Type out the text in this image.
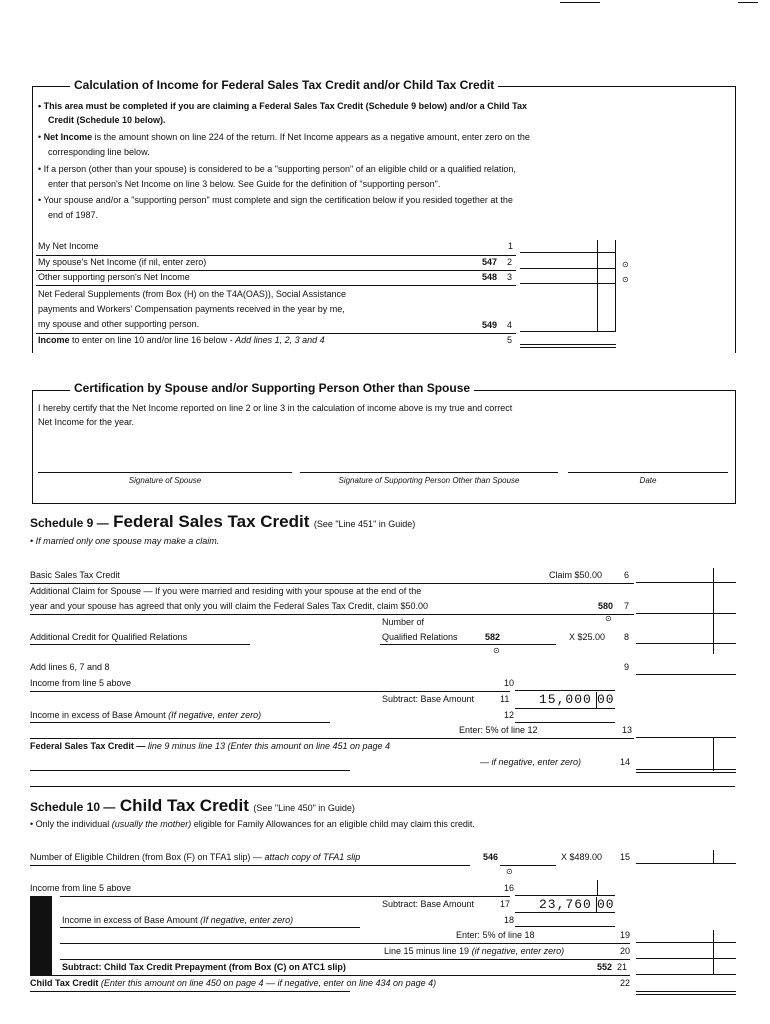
Calculation of Income for Federal Sales Tax Credit and/or Child Tax Credit
• This area must be completed if you are claiming a Federal Sales Tax Credit (Schedule 9 below) and/or a Child Tax
Credit (Schedule 10 below).
• Net Income is the amount shown on line 224 of the return. If Net Income appears as a negative amount, enter zero on the
corresponding line below.
• If a person (other than your spouse) is considered to be a "supporting person" of an eligible child or a qualified relation,
enter that person's Net Income on line 3 below. See Guide for the definition of "supporting person".
• Your spouse and/or a "supporting person" must complete and sign the certification below if you resided together at the
end of 1987.
My Net Income	1
My spouse's Net Income (if nil, enter zero)	547 2
Other supporting person's Net Income	548 3
Net Federal Supplements (from Box (H) on the T4A(OAS)), Social Assistance
payments and Workers' Compensation payments received in the year by me,
my spouse and other supporting person.	549 4
Income to enter on line 10 and/or line 16 below - Add lines 1, 2, 3 and 4	5
⊙
⊙
Certification by Spouse and/or Supporting Person Other than Spouse
I hereby certify that the Net Income reported on line 2 or line 3 in the calculation of income above is my true and correct
Net Income for the year.
Signature of Spouse	Signature of Supporting Person Other than Spouse	Date
Schedule 9 — Federal Sales Tax Credit (See "Line 451" in Guide)
• If married only one spouse may make a claim.
Basic Sales Tax Credit	Claim $50.00 6
Additional Claim for Spouse — If you were married and residing with your spouse at the end of the
year and your spouse has agreed that only you will claim the Federal Sales Tax Credit, claim $50.00	580 7
⊙
Number of
Additional Credit for Qualified Relations	Qualified Relations	582	X $25.00 8
⊙
Add lines 6, 7 and 8	9
Income from line 5 above	10
Subtract: Base Amount	11 15,000 00
Income in excess of Base Amount (If negative, enter zero)	12
Enter: 5% of line 12	13
Federal Sales Tax Credit — line 9 minus line 13 (Enter this amount on line 451 on page 4
— if negative, enter zero)	14
Schedule 10 — Child Tax Credit (See "Line 450" in Guide)
• Only the individual (usually the mother) eligible for Family Allowances for an eligible child may claim this credit.
Number of Eligible Children (from Box (F) on TFA1 slip) — attach copy of TFA1 slip	546	X $489.00 15
⊙
Income from line 5 above	16
Subtract: Base Amount	17 23,760 00
Income in excess of Base Amount (If negative, enter zero)	18
Enter: 5% of line 18	19
Line 15 minus line 19 (if negative, enter zero)	20
Subtract: Child Tax Credit Prepayment (from Box (C) on ATC1 slip)	552 21
Child Tax Credit (Enter this amount on line 450 on page 4 — if negative, enter on line 434 on page 4)	22
